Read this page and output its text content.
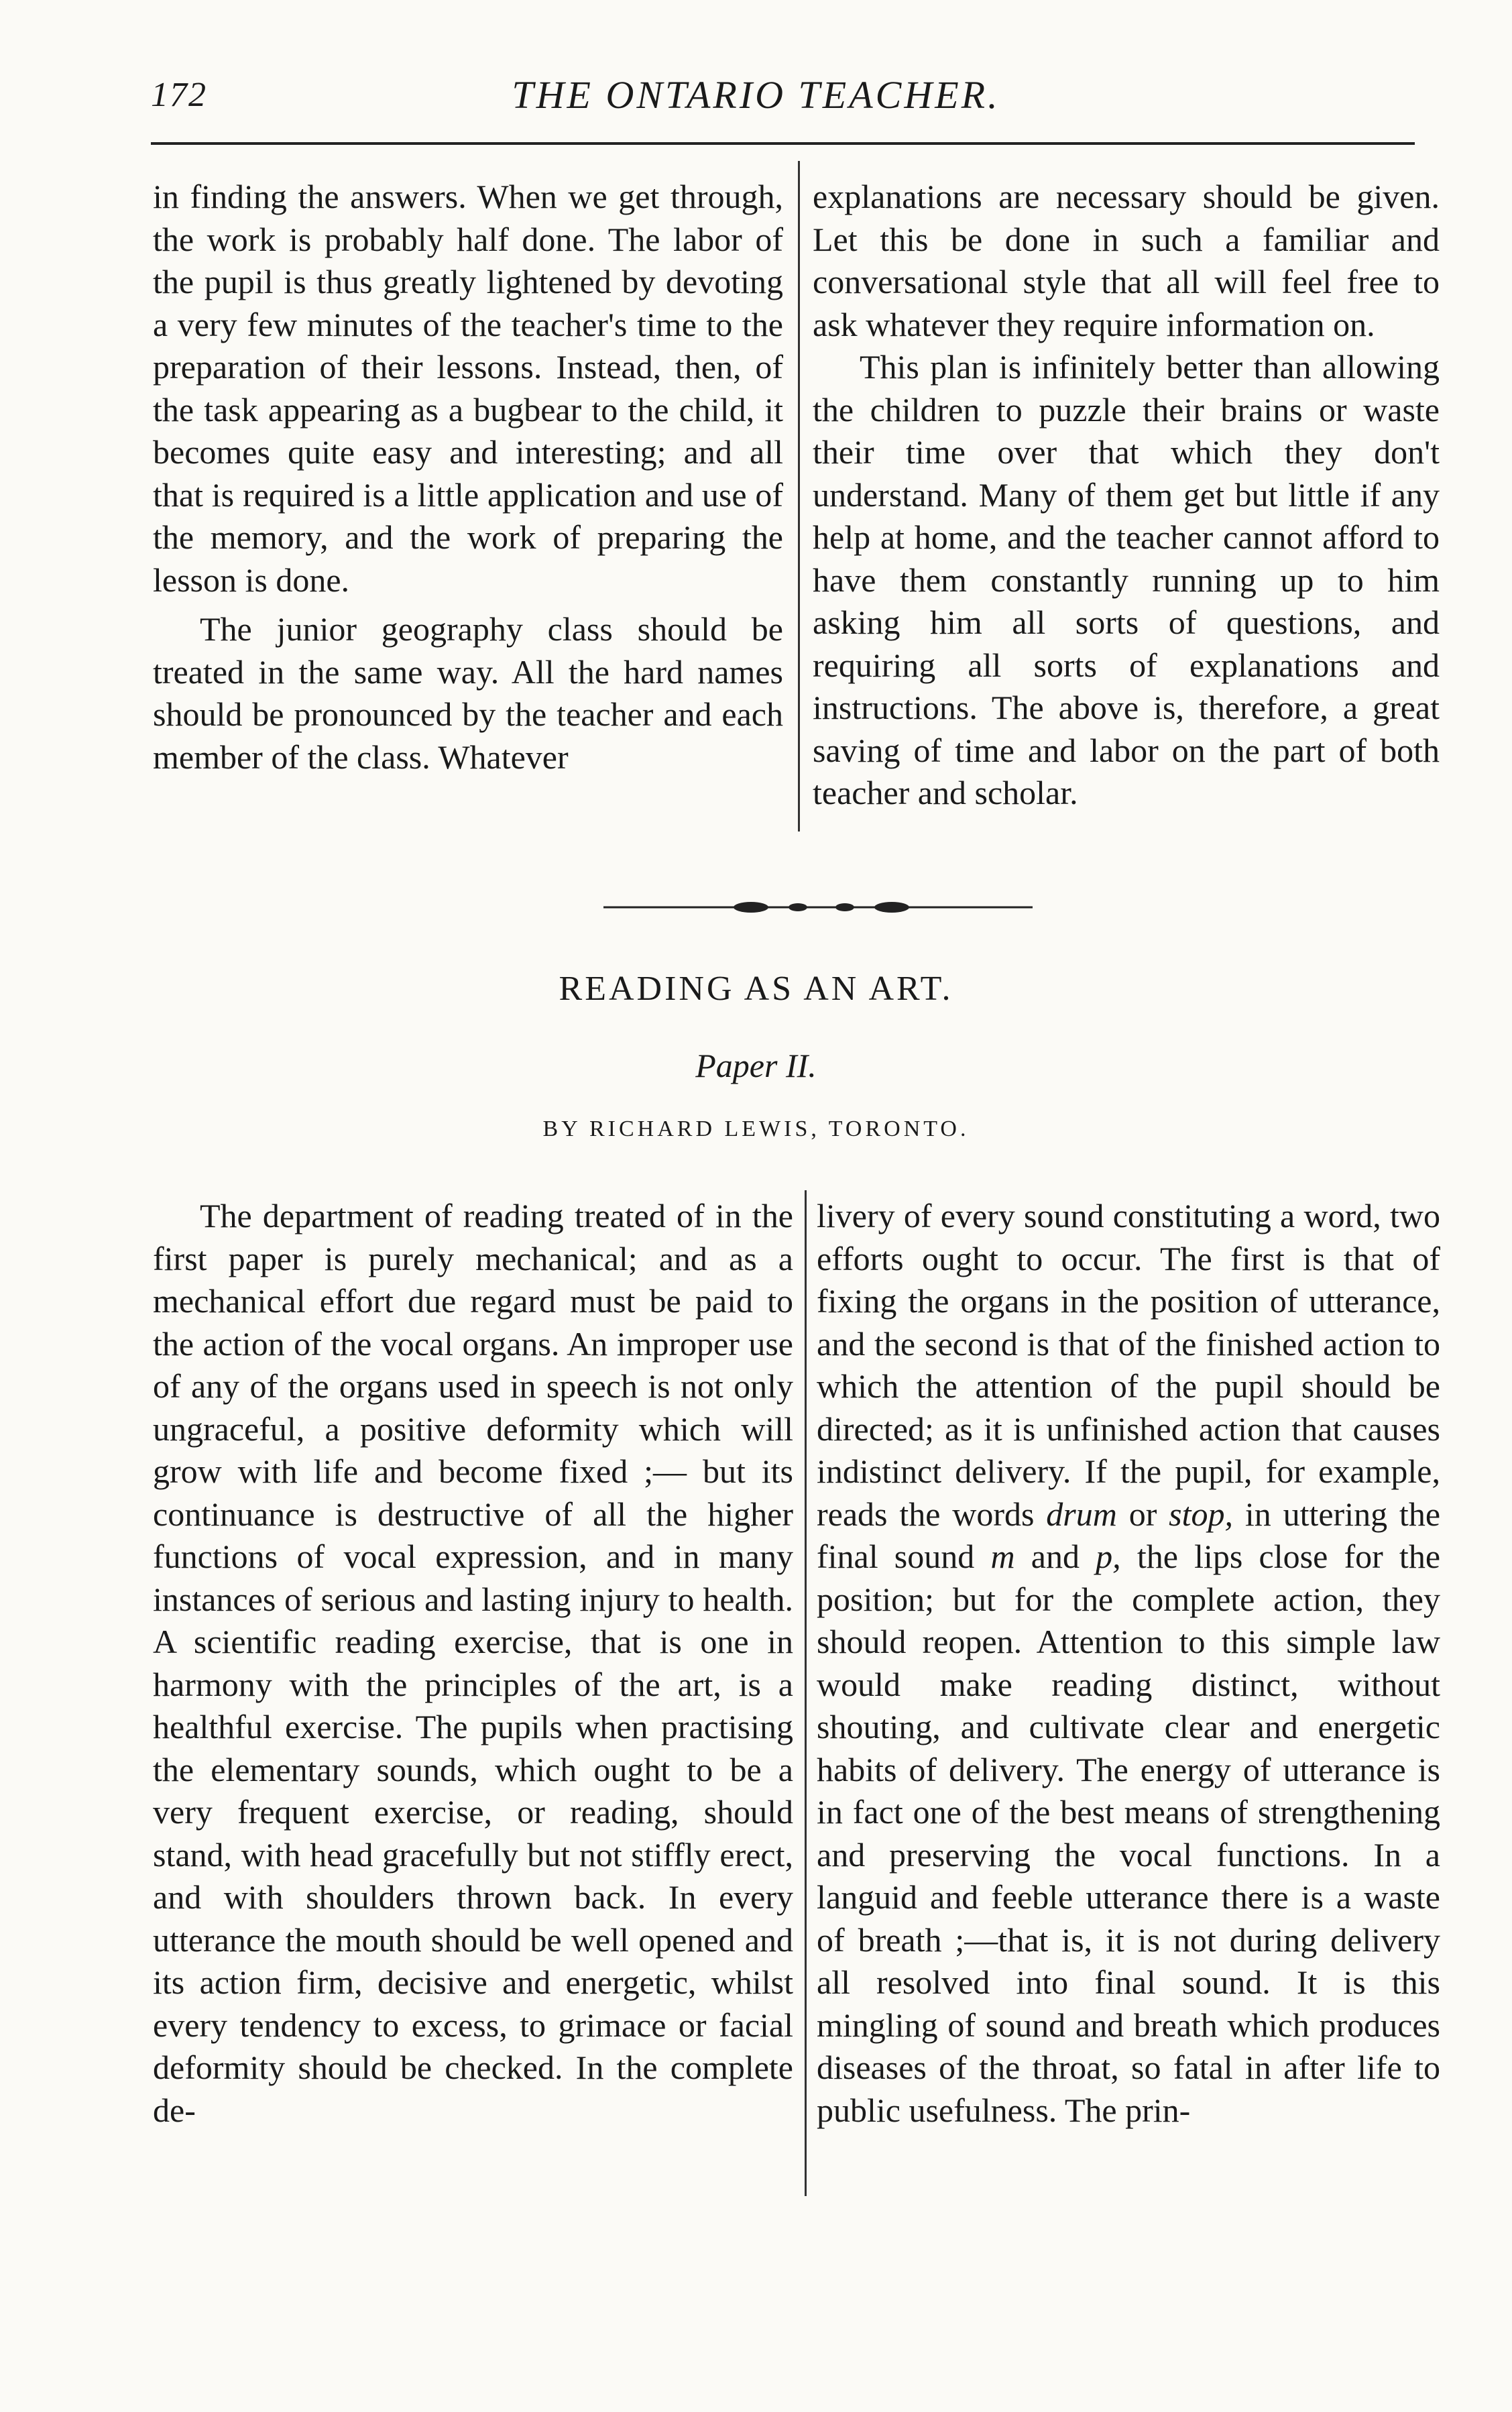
172	THE ONTARIO TEACHER.

in finding the answers. When we get through, the work is probably half done. The labor of the pupil is thus greatly lightened by devoting a very few minutes of the teacher's time to the preparation of their lessons. Instead, then, of the task appearing as a bugbear to the child, it becomes quite easy and interesting; and all that is required is a little application and use of the memory, and the work of preparing the lesson is done.

The junior geography class should be treated in the same way. All the hard names should be pronounced by the teacher and each member of the class. Whatever

explanations are necessary should be given. Let this be done in such a familiar and conversational style that all will feel free to ask whatever they require information on.

This plan is infinitely better than allowing the children to puzzle their brains or waste their time over that which they don't understand. Many of them get but little if any help at home, and the teacher cannot afford to have them constantly running up to him asking him all sorts of questions, and requiring all sorts of explanations and instructions. The above is, therefore, a great saving of time and labor on the part of both teacher and scholar.

READING AS AN ART.
Paper II.
BY RICHARD LEWIS, TORONTO.

The department of reading treated of in the first paper is purely mechanical; and as a mechanical effort due regard must be paid to the action of the vocal organs. An improper use of any of the organs used in speech is not only ungraceful, a positive deformity which will grow with life and become fixed ;— but its continuance is destructive of all the higher functions of vocal expression, and in many instances of serious and lasting injury to health. A scientific reading exercise, that is one in harmony with the principles of the art, is a healthful exercise. The pupils when practising the elementary sounds, which ought to be a very frequent exercise, or reading, should stand, with head gracefully but not stiffly erect, and with shoulders thrown back. In every utterance the mouth should be well opened and its action firm, decisive and energetic, whilst every tendency to excess, to grimace or facial deformity should be checked. In the complete de-

livery of every sound constituting a word, two efforts ought to occur. The first is that of fixing the organs in the position of utterance, and the second is that of the finished action to which the attention of the pupil should be directed; as it is unfinished action that causes indistinct delivery. If the pupil, for example, reads the words drum or stop, in uttering the final sound m and p, the lips close for the position; but for the complete action, they should reopen. Attention to this simple law would make reading distinct, without shouting, and cultivate clear and energetic habits of delivery. The energy of utterance is in fact one of the best means of strengthening and preserving the vocal functions. In a languid and feeble utterance there is a waste of breath ;—that is, it is not during delivery all resolved into final sound. It is this mingling of sound and breath which produces diseases of the throat, so fatal in after life to public usefulness. The prin-
